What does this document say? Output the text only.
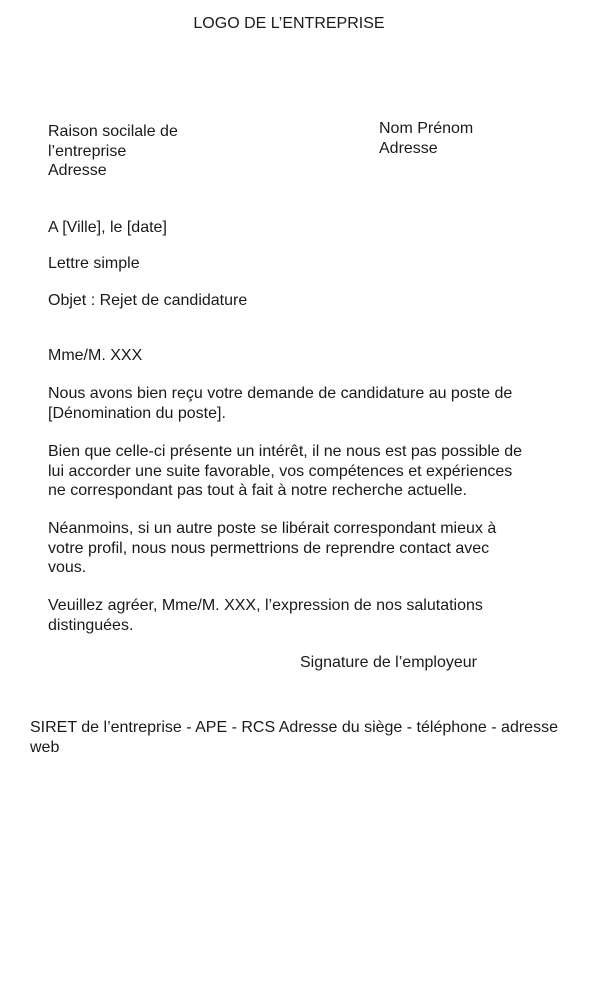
LOGO DE L’ENTREPRISE
Raison socilale de
l’entreprise
Adresse
Nom Prénom
Adresse
A [Ville], le [date]
Lettre simple
Objet : Rejet de candidature
Mme/M. XXX
Nous avons bien reçu votre demande de candidature au poste de
[Dénomination du poste].
Bien que celle-ci présente un intérêt, il ne nous est pas possible de
lui accorder une suite favorable, vos compétences et expériences
ne correspondant pas tout à fait à notre recherche actuelle.
Néanmoins, si un autre poste se libérait correspondant mieux à
votre profil, nous nous permettrions de reprendre contact avec
vous.
Veuillez agréer, Mme/M. XXX, l’expression de nos salutations
distinguées.
Signature de l’employeur
SIRET de l’entreprise - APE - RCS Adresse du siège - téléphone - adresse
web
